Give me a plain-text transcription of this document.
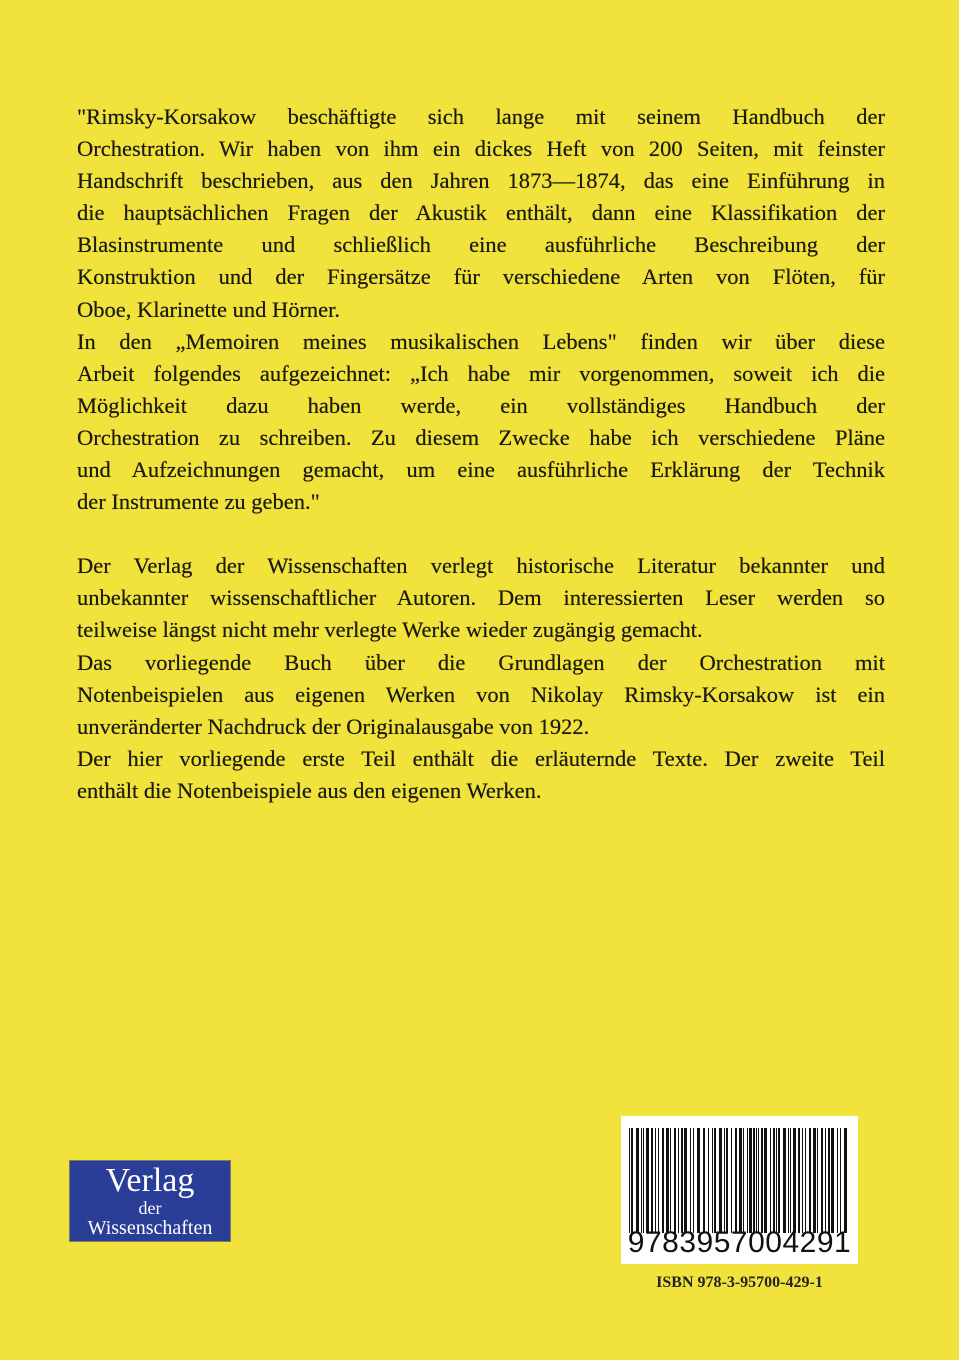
"Rimsky-Korsakow beschäftigte sich lange mit seinem Handbuch der
Orchestration. Wir haben von ihm ein dickes Heft von 200 Seiten, mit feinster
Handschrift beschrieben, aus den Jahren 1873—1874, das eine Einführung in
die hauptsächlichen Fragen der Akustik enthält, dann eine Klassifikation der
Blasinstrumente und schließlich eine ausführliche Beschreibung der
Konstruktion und der Fingersätze für verschiedene Arten von Flöten, für
Oboe, Klarinette und Hörner.
In den „Memoiren meines musikalischen Lebens" finden wir über diese
Arbeit folgendes aufgezeichnet: „Ich habe mir vorgenommen, soweit ich die
Möglichkeit dazu haben werde, ein vollständiges Handbuch der
Orchestration zu schreiben. Zu diesem Zwecke habe ich verschiedene Pläne
und Aufzeichnungen gemacht, um eine ausführliche Erklärung der Technik
der Instrumente zu geben."
Der Verlag der Wissenschaften verlegt historische Literatur bekannter und
unbekannter wissenschaftlicher Autoren. Dem interessierten Leser werden so
teilweise längst nicht mehr verlegte Werke wieder zugängig gemacht.
Das vorliegende Buch über die Grundlagen der Orchestration mit
Notenbeispielen aus eigenen Werken von Nikolay Rimsky-Korsakow ist ein
unveränderter Nachdruck der Originalausgabe von 1922.
Der hier vorliegende erste Teil enthält die erläuternde Texte. Der zweite Teil
enthält die Notenbeispiele aus den eigenen Werken.
Verlag
der
Wissenschaften	9783957004291
ISBN 978-3-95700-429-1
